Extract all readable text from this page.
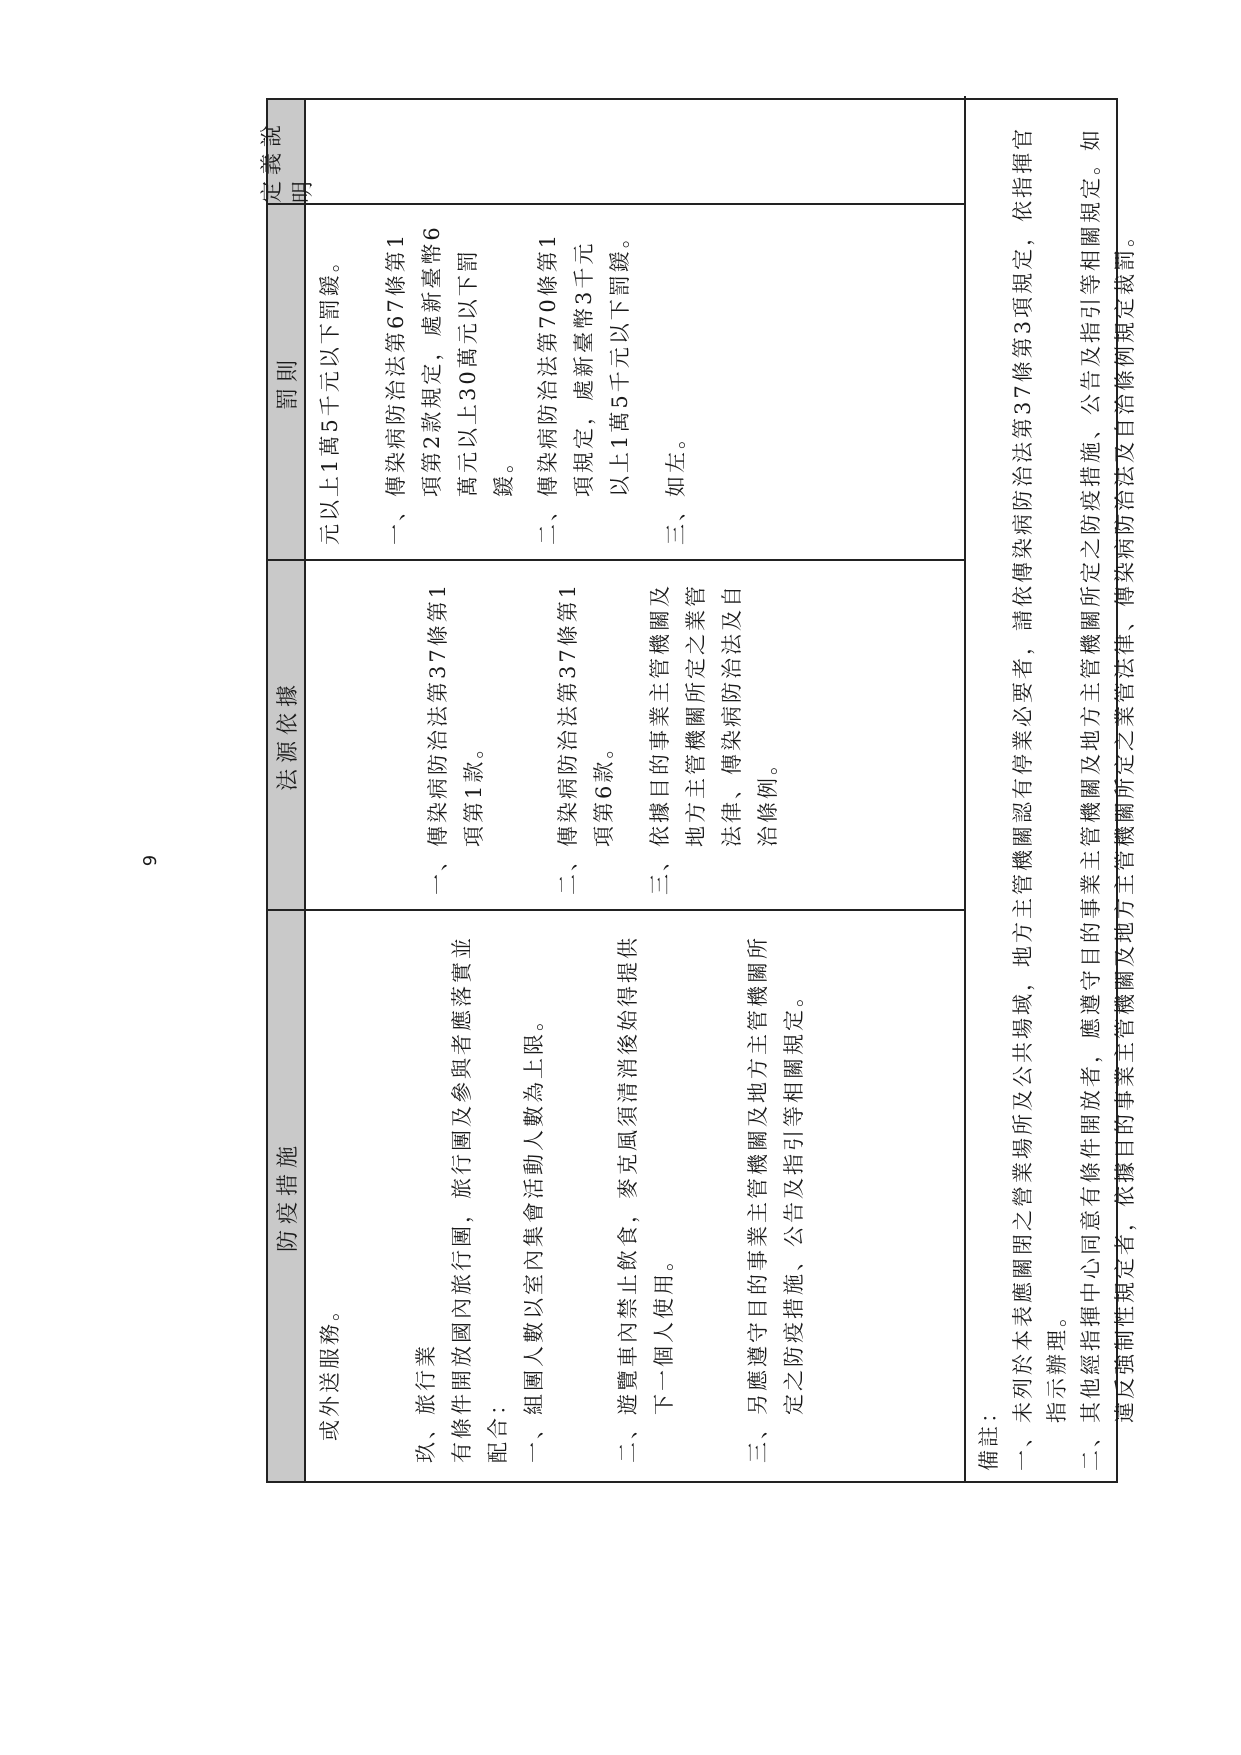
防疫措施
法源依據
罰則
定義說明
或外送服務。	玖、旅行業 有條件開放國內旅行團，旅行團及參與者應落實並配合： 一、
組團人數以室內集會活動人數為上限。
二、
遊覽車內禁止飲食，麥克風須清消後始得提供下一個人使用。
三、
另應遵守目的事業主管機關及地方主管機關所定之防疫措施、公告及指引等相關規定。
一、
傳染病防治法第37條第1項第1款。
二、
傳染病防治法第37條第1項第6款。
三、
依據目的事業主管機關及地方主管機關所定之業管法律、傳染病防治法及自治條例。
元以上1萬5千元以下罰鍰。 一、
傳染病防治法第67條第1項第2款規定，處新臺幣6萬元以上30萬元以下罰鍰。
二、
傳染病防治法第70條第1項規定，處新臺幣3千元以上1萬5千元以下罰鍰。
三、
如左。
備註： 一、
未列於本表應關閉之營業場所及公共場域，地方主管機關認有停業必要者，請依傳染病防治法第37條第3項規定，依指揮官指示辦理。
二、
其他經指揮中心同意有條件開放者，應遵守目的事業主管機關及地方主管機關所定之防疫措施、公告及指引等相關規定。如違反強制性規定者，依據目的事業主管機關及地方主管機關所定之業管法律、傳染病防治法及自治條例規定裁罰。
9
